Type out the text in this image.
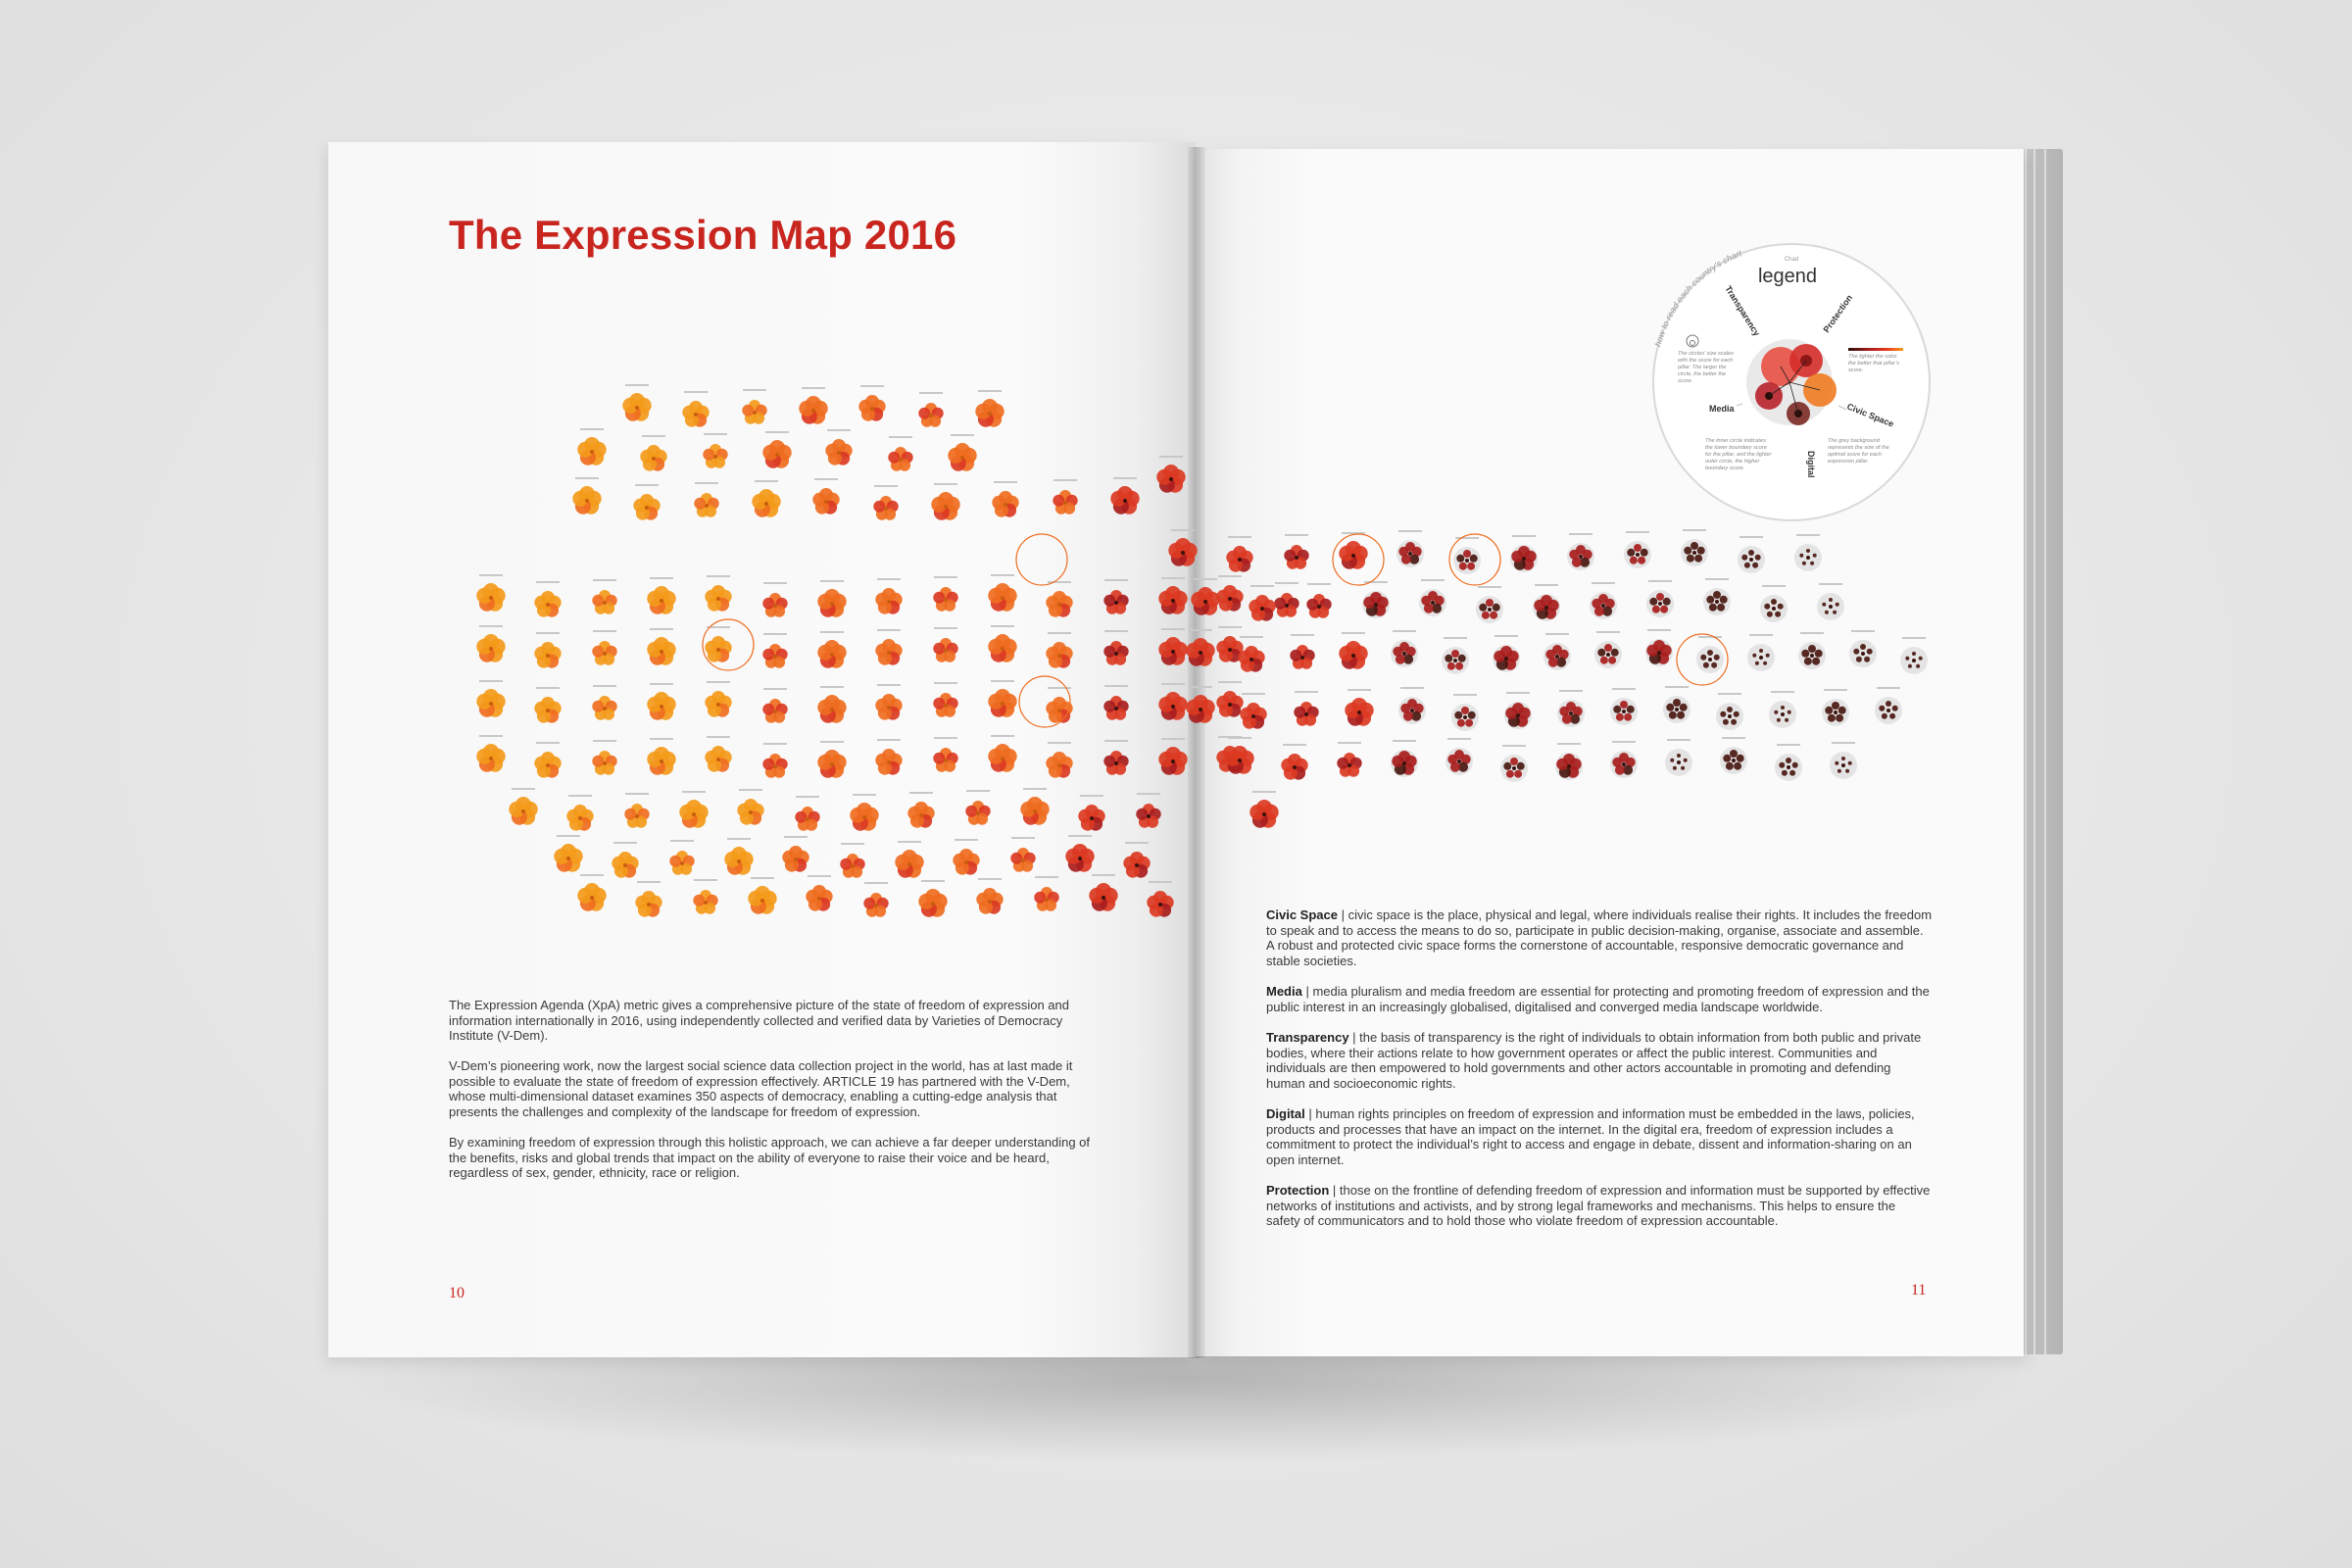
The Expression Map 2016
The Expression Agenda (XpA) metric gives a comprehensive picture of the state of freedom of expression and information internationally in 2016, using independently collected and verified data by Varieties of Democracy Institute (V-Dem).
V-Dem’s pioneering work, now the largest social science data collection project in the world, has at last made it possible to evaluate the state of freedom of expression effectively. ARTICLE 19 has partnered with the V-Dem, whose multi-dimensional dataset examines 350 aspects of democracy, enabling a cutting-edge analysis that presents the challenges and complexity of the landscape for freedom of expression.
By examining freedom of expression through this holistic approach, we can achieve a far deeper understanding of the benefits, risks and global trends that impact on the ability of everyone to raise their voice and be heard, regardless of sex, gender, ethnicity, race or religion.
Civic Space | civic space is the place, physical and legal, where individuals realise their rights. It includes the freedom to speak and to access the means to do so, participate in public decision-making, organise, associate and assemble. A robust and protected civic space forms the cornerstone of accountable, responsive democratic governance and stable societies.
Media | media pluralism and media freedom are essential for protecting and promoting freedom of expression and the public interest in an increasingly globalised, digitalised and converged media landscape worldwide.
Transparency | the basis of transparency is the right of individuals to obtain information from both public and private bodies, where their actions relate to how government operates or affect the public interest. Communities and individuals are then empowered to hold governments and other actors accountable in promoting and defending human and socioeconomic rights.
Digital | human rights principles on freedom of expression and information must be embedded in the laws, policies, products and processes that have an impact on the internet. In the digital era, freedom of expression includes a commitment to protect the individual’s right to access and engage in debate, dissent and information-sharing on an open internet.
Protection | those on the frontline of defending freedom of expression and information must be supported by effective networks of institutions and activists, and by strong legal frameworks and mechanisms. This helps to ensure the safety of communicators and to hold those who violate freedom of expression accountable.
10	11
how to read each country’s chart
Chad
legend
Transparency	Protection
Media	Civic Space
Digital
The circles’ size scales with the score for each pillar. The larger the circle, the better the score.
The lighter the color the better that pillar’s score.
The inner circle indicates the lower boundary score for the pillar, and the lighter outer circle, the higher boundary score.
The grey background represents the size of the optimal score for each expression pillar.
